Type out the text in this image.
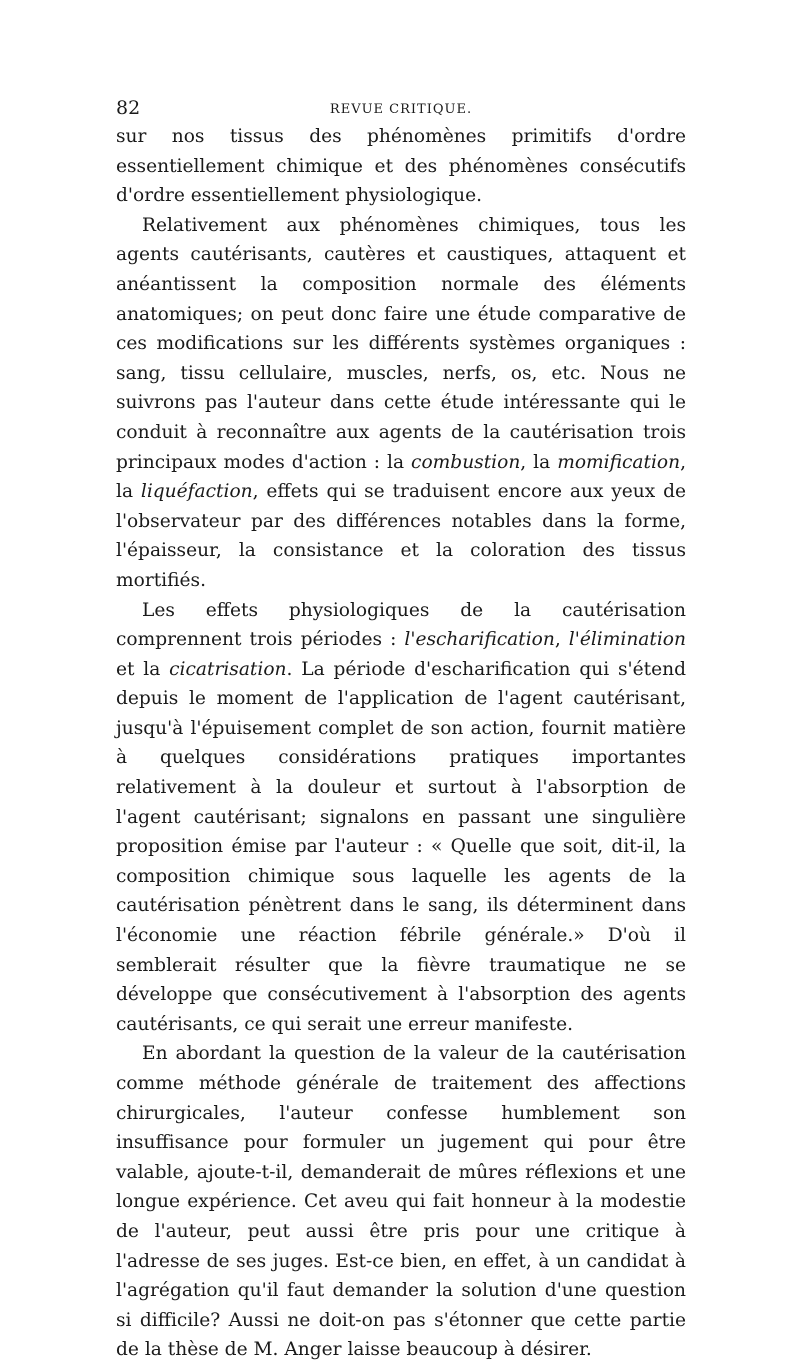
82	REVUE CRITIQUE.

sur nos tissus des phénomènes primitifs d'ordre essentiellement chimique et des phénomènes consécutifs d'ordre essentiellement physiologique.

Relativement aux phénomènes chimiques, tous les agents cautérisants, cautères et caustiques, attaquent et anéantissent la composition normale des éléments anatomiques; on peut donc faire une étude comparative de ces modifications sur les différents systèmes organiques : sang, tissu cellulaire, muscles, nerfs, os, etc. Nous ne suivrons pas l'auteur dans cette étude intéressante qui le conduit à reconnaître aux agents de la cautérisation trois principaux modes d'action : la combustion, la momification, la liquéfaction, effets qui se traduisent encore aux yeux de l'observateur par des différences notables dans la forme, l'épaisseur, la consistance et la coloration des tissus mortifiés.

Les effets physiologiques de la cautérisation comprennent trois périodes : l'escharification, l'élimination et la cicatrisation. La période d'escharification qui s'étend depuis le moment de l'application de l'agent cautérisant, jusqu'à l'épuisement complet de son action, fournit matière à quelques considérations pratiques importantes relativement à la douleur et surtout à l'absorption de l'agent cautérisant; signalons en passant une singulière proposition émise par l'auteur : « Quelle que soit, dit-il, la composition chimique sous laquelle les agents de la cautérisation pénètrent dans le sang, ils déterminent dans l'économie une réaction fébrile générale.» D'où il semblerait résulter que la fièvre traumatique ne se développe que consécutivement à l'absorption des agents cautérisants, ce qui serait une erreur manifeste.

En abordant la question de la valeur de la cautérisation comme méthode générale de traitement des affections chirurgicales, l'auteur confesse humblement son insuffisance pour formuler un jugement qui pour être valable, ajoute-t-il, demanderait de mûres réflexions et une longue expérience. Cet aveu qui fait honneur à la modestie de l'auteur, peut aussi être pris pour une critique à l'adresse de ses juges. Est-ce bien, en effet, à un candidat à l'agrégation qu'il faut demander la solution d'une question si difficile? Aussi ne doit-on pas s'étonner que cette partie de la thèse de M. Anger laisse beaucoup à désirer.
